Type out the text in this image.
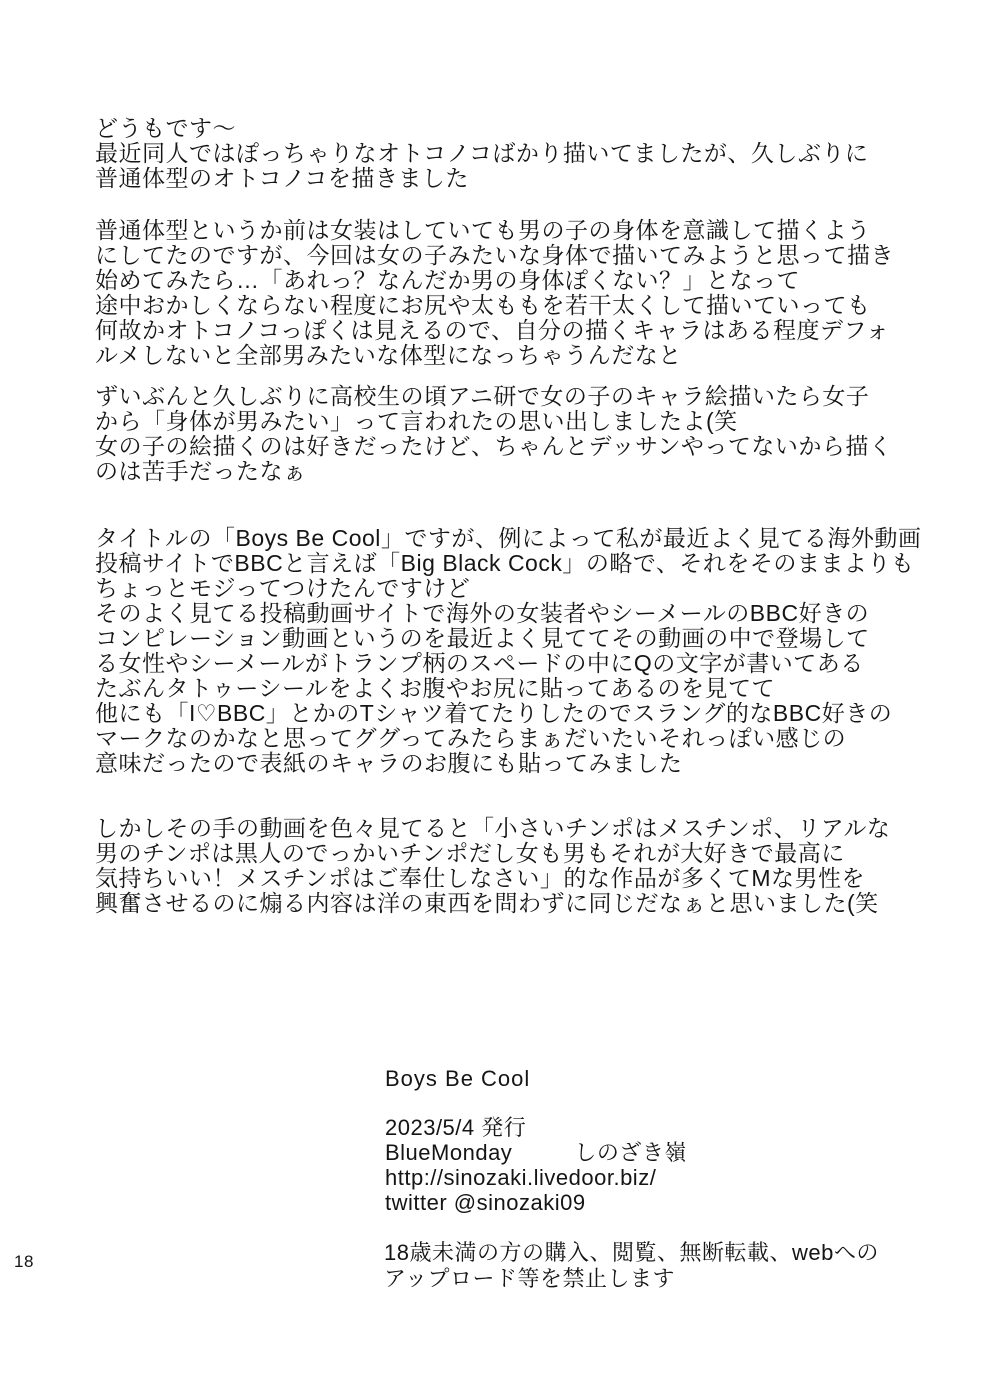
どうもです～
最近同人ではぽっちゃりなオトコノコばかり描いてましたが、久しぶりに
普通体型のオトコノコを描きました
普通体型というか前は女装はしていても男の子の身体を意識して描くよう
にしてたのですが、今回は女の子みたいな身体で描いてみようと思って描き
始めてみたら…「あれっ？なんだか男の身体ぽくない？」となって
途中おかしくならない程度にお尻や太ももを若干太くして描いていっても
何故かオトコノコっぽくは見えるので、自分の描くキャラはある程度デフォ
ルメしないと全部男みたいな体型になっちゃうんだなと
ずいぶんと久しぶりに高校生の頃アニ研で女の子のキャラ絵描いたら女子
から「身体が男みたい」って言われたの思い出しましたよ(笑
女の子の絵描くのは好きだったけど、ちゃんとデッサンやってないから描く
のは苦手だったなぁ
タイトルの「Boys Be Cool」ですが、例によって私が最近よく見てる海外動画
投稿サイトでBBCと言えば「Big Black Cock」の略で、それをそのままよりも
ちょっとモジってつけたんですけど
そのよく見てる投稿動画サイトで海外の女装者やシーメールのBBC好きの
コンピレーション動画というのを最近よく見ててその動画の中で登場して
る女性やシーメールがトランプ柄のスペードの中にQの文字が書いてある
たぶんタトゥーシールをよくお腹やお尻に貼ってあるのを見てて
他にも「I♡BBC」とかのTシャツ着てたりしたのでスラング的なBBC好きの
マークなのかなと思ってググってみたらまぁだいたいそれっぽい感じの
意味だったので表紙のキャラのお腹にも貼ってみました
しかしその手の動画を色々見てると「小さいチンポはメスチンポ、リアルな
男のチンポは黒人のでっかいチンポだし女も男もそれが大好きで最高に
気持ちいい！メスチンポはご奉仕しなさい」的な作品が多くてMな男性を
興奮させるのに煽る内容は洋の東西を問わずに同じだなぁと思いました(笑
Boys Be Cool
2023/5/4 発行
BlueMonday	しのざき嶺
http://sinozaki.livedoor.biz/
twitter @sinozaki09
18歳未満の方の購入、閲覧、無断転載、webへの
アップロード等を禁止します
18
